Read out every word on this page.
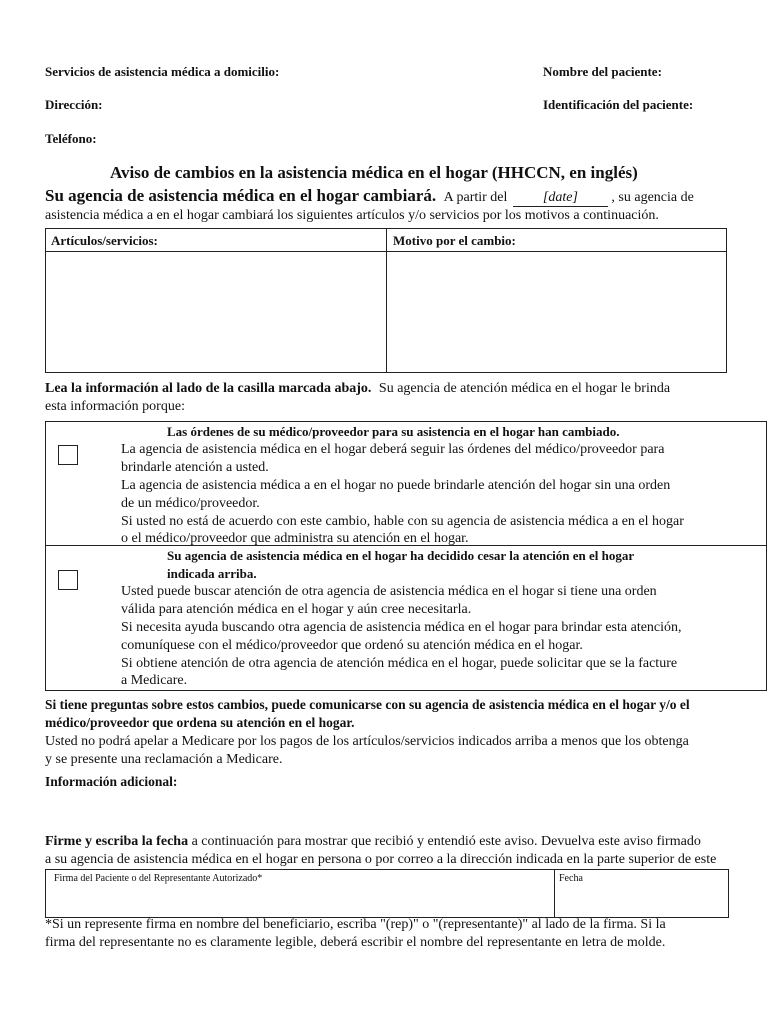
Servicios de asistencia médica a domicilio:	Nombre del paciente:
Dirección:	Identificación del paciente:
Teléfono:
Aviso de cambios en la asistencia médica en el hogar (HHCCN, en inglés)
Su agencia de asistencia médica en el hogar cambiará. A partir del	[date] , su agencia de
asistencia médica a en el hogar cambiará los siguientes artículos y/o servicios por los motivos a continuación.
Artículos/servicios:	Motivo por el cambio:
Lea la información al lado de la casilla marcada abajo. Su agencia de atención médica en el hogar le brinda
esta información porque:
Las órdenes de su médico/proveedor para su asistencia en el hogar han cambiado.
La agencia de asistencia médica en el hogar deberá seguir las órdenes del médico/proveedor para
brindarle atención a usted.
La agencia de asistencia médica a en el hogar no puede brindarle atención del hogar sin una orden
de un médico/proveedor.
Si usted no está de acuerdo con este cambio, hable con su agencia de asistencia médica a en el hogar
o el médico/proveedor que administra su atención en el hogar.
Su agencia de asistencia médica en el hogar ha decidido cesar la atención en el hogar
indicada arriba.
Usted puede buscar atención de otra agencia de asistencia médica en el hogar si tiene una orden
válida para atención médica en el hogar y aún cree necesitarla.
Si necesita ayuda buscando otra agencia de asistencia médica en el hogar para brindar esta atención,
comuníquese con el médico/proveedor que ordenó su atención médica en el hogar.
Si obtiene atención de otra agencia de atención médica en el hogar, puede solicitar que se la facture
a Medicare.
Si tiene preguntas sobre estos cambios, puede comunicarse con su agencia de asistencia médica en el hogar y/o el
médico/proveedor que ordena su atención en el hogar.
Usted no podrá apelar a Medicare por los pagos de los artículos/servicios indicados arriba a menos que los obtenga
y se presente una reclamación a Medicare.
Información adicional:
Firme y escriba la fecha a continuación para mostrar que recibió y entendió este aviso. Devuelva este aviso firmado
a su agencia de asistencia médica en el hogar en persona o por correo a la dirección indicada en la parte superior de este
Firma del Paciente o del Representante Autorizado*	Fecha
*Si un represente firma en nombre del beneficiario, escriba "(rep)" o "(representante)" al lado de la firma. Si la
firma del representante no es claramente legible, deberá escribir el nombre del representante en letra de molde.
